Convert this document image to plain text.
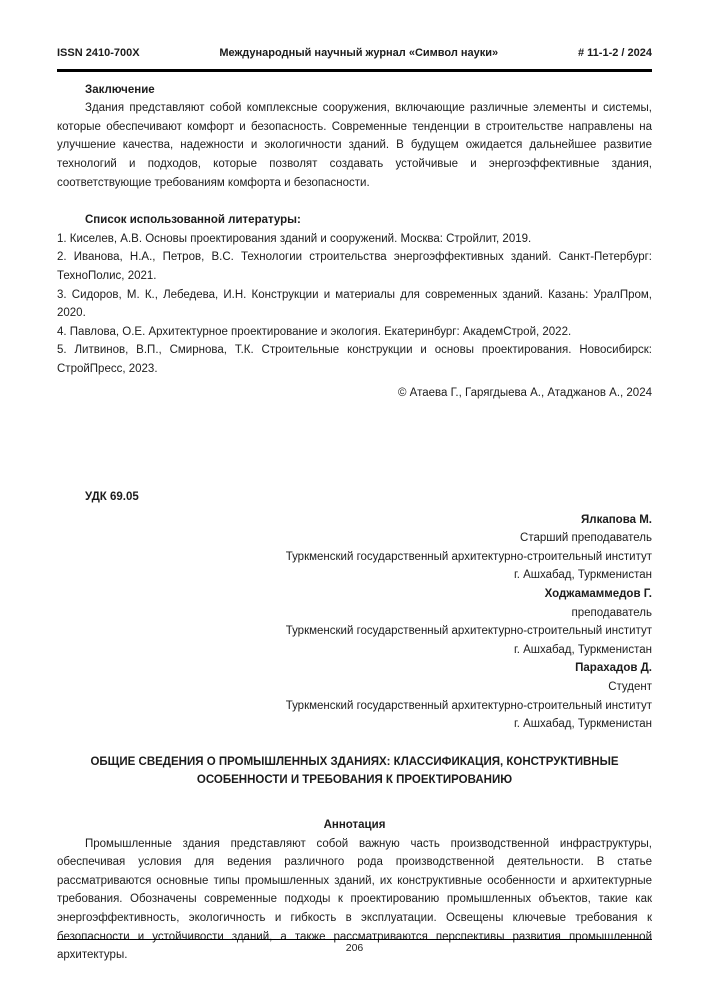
ISSN 2410-700X	Международный научный журнал «Символ науки»	# 11-1-2 / 2024
Заключение

Здания представляют собой комплексные сооружения, включающие различные элементы и системы, которые обеспечивают комфорт и безопасность. Современные тенденции в строительстве направлены на улучшение качества, надежности и экологичности зданий. В будущем ожидается дальнейшее развитие технологий и подходов, которые позволят создавать устойчивые и энергоэффективные здания, соответствующие требованиям комфорта и безопасности.

Список использованной литературы:

1. Киселев, А.В. Основы проектирования зданий и сооружений. Москва: Стройлит, 2019.

2. Иванова, Н.А., Петров, В.С. Технологии строительства энергоэффективных зданий. Санкт-Петербург: ТехноПолис, 2021.

3. Сидоров, М. К., Лебедева, И.Н. Конструкции и материалы для современных зданий. Казань: УралПром, 2020.

4. Павлова, О.Е. Архитектурное проектирование и экология. Екатеринбург: АкадемСтрой, 2022.

5. Литвинов, В.П., Смирнова, Т.К. Строительные конструкции и основы проектирования. Новосибирск: СтройПресс, 2023.

© Атаева Г., Гарягдыева А., Атаджанов А., 2024
УДК 69.05
Ялкапова М.
Старший преподаватель
Туркменский государственный архитектурно-строительный институт
г. Ашхабад, Туркменистан
Ходжамаммедов Г.
преподаватель
Туркменский государственный архитектурно-строительный институт
г. Ашхабад, Туркменистан
Парахадов Д.
Студент
Туркменский государственный архитектурно-строительный институт
г. Ашхабад, Туркменистан
ОБЩИЕ СВЕДЕНИЯ О ПРОМЫШЛЕННЫХ ЗДАНИЯХ: КЛАССИФИКАЦИЯ, КОНСТРУКТИВНЫЕ ОСОБЕННОСТИ И ТРЕБОВАНИЯ К ПРОЕКТИРОВАНИЮ
Аннотация

Промышленные здания представляют собой важную часть производственной инфраструктуры, обеспечивая условия для ведения различного рода производственной деятельности. В статье рассматриваются основные типы промышленных зданий, их конструктивные особенности и архитектурные требования. Обозначены современные подходы к проектированию промышленных объектов, такие как энергоэффективность, экологичность и гибкость в эксплуатации. Освещены ключевые требования к безопасности и устойчивости зданий, а также рассматриваются перспективы развития промышленной архитектуры.

206
